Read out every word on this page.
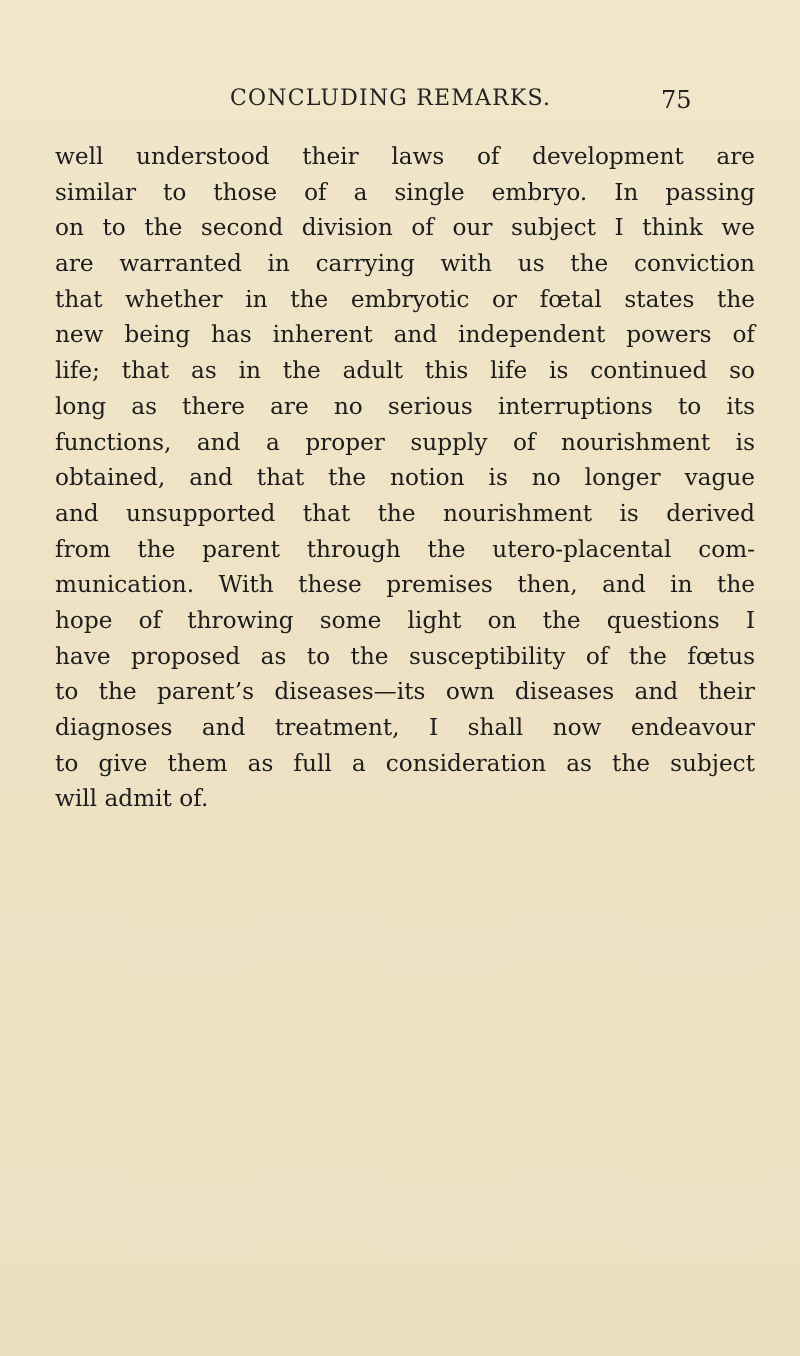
CONCLUDING REMARKS.	75
well understood their laws of development are
similar to those of a single embryo. In passing
on to the second division of our subject I think we
are warranted in carrying with us the conviction
that whether in the embryotic or fœtal states the
new being has inherent and independent powers of
life; that as in the adult this life is continued so
long as there are no serious interruptions to its
functions, and a proper supply of nourishment is
obtained, and that the notion is no longer vague
and unsupported that the nourishment is derived
from the parent through the utero-placental com-
munication. With these premises then, and in the
hope of throwing some light on the questions I
have proposed as to the susceptibility of the fœtus
to the parent’s diseases—its own diseases and their
diagnoses and treatment, I shall now endeavour
to give them as full a consideration as the subject
will admit of.
